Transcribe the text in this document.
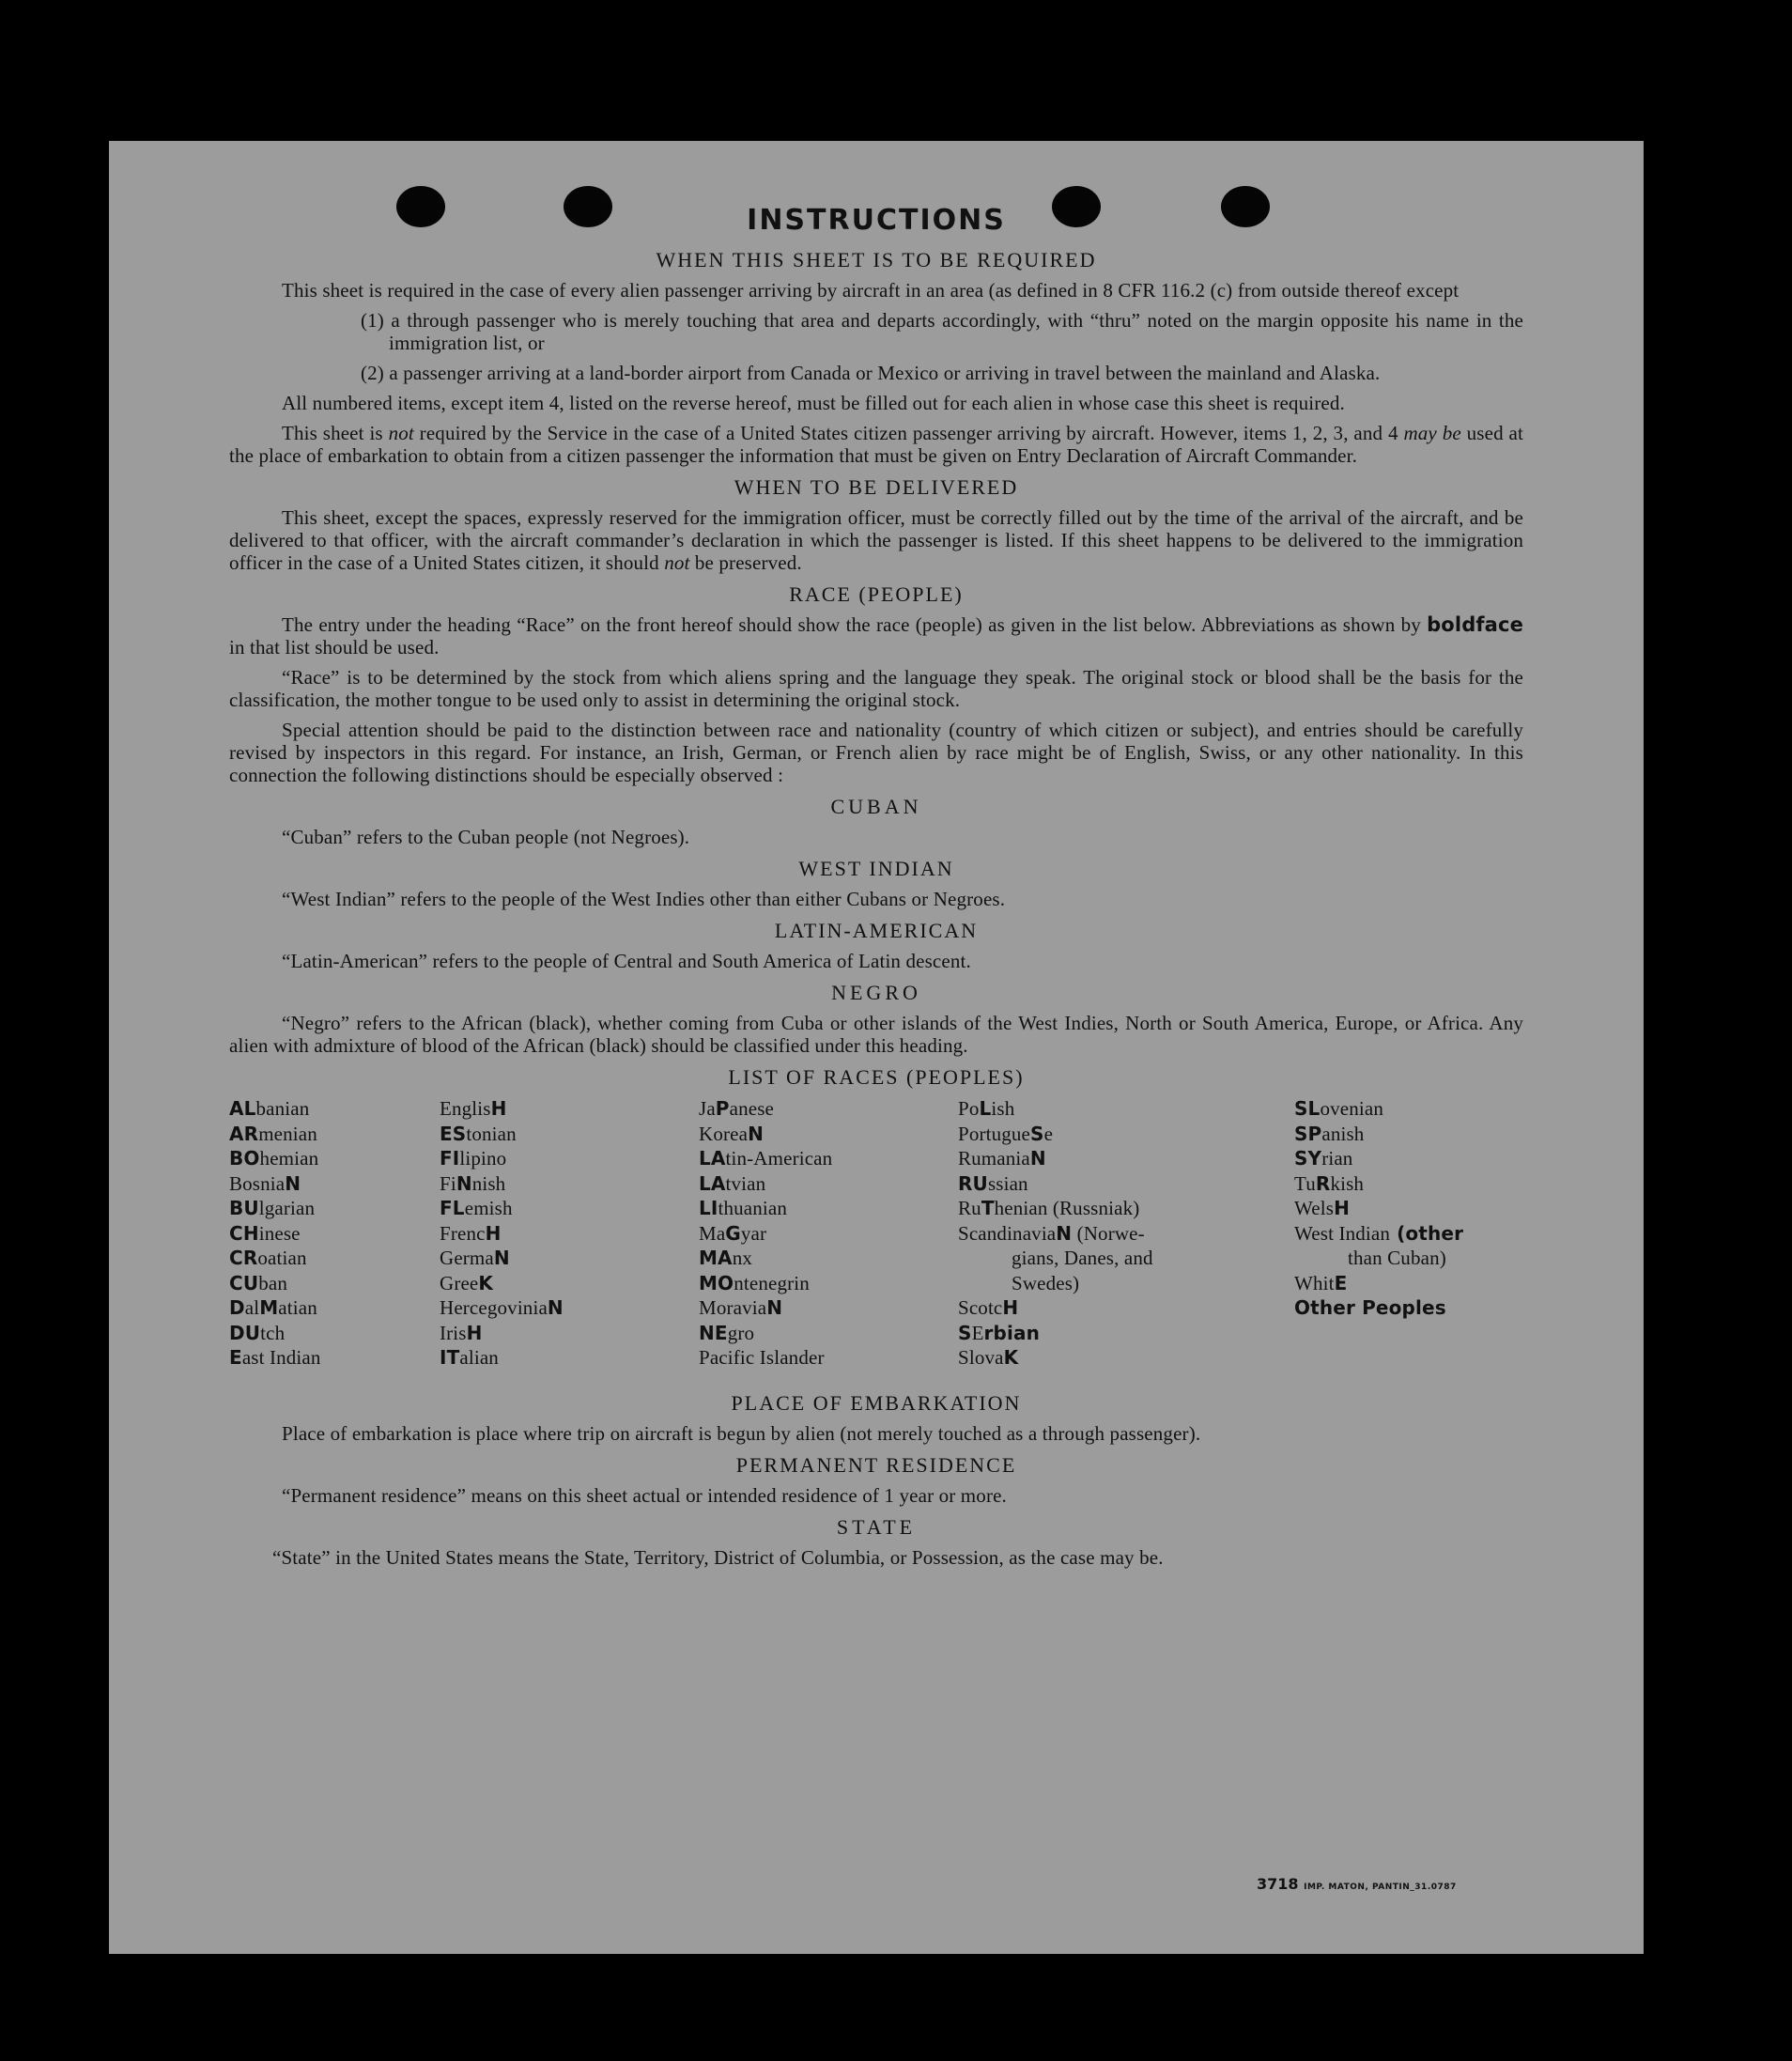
INSTRUCTIONS
WHEN THIS SHEET IS TO BE REQUIRED

This sheet is required in the case of every alien passenger arriving by aircraft in an area (as defined in 8 CFR 116.2 (c) from outside thereof except

(1) a through passenger who is merely touching that area and departs accordingly, with “thru” noted on the margin opposite his name in the immigration list, or
(2) a passenger arriving at a land-border airport from Canada or Mexico or arriving in travel between the mainland and Alaska.

All numbered items, except item 4, listed on the reverse hereof, must be filled out for each alien in whose case this sheet is required.

This sheet is not required by the Service in the case of a United States citizen passenger arriving by aircraft. However, items 1, 2, 3, and 4 may be used at the place of embarkation to obtain from a citizen passenger the information that must be given on Entry Declaration of Aircraft Commander.

WHEN TO BE DELIVERED

This sheet, except the spaces, expressly reserved for the immigration officer, must be correctly filled out by the time of the arrival of the aircraft, and be delivered to that officer, with the aircraft commander’s declaration in which the passenger is listed. If this sheet happens to be delivered to the immigration officer in the case of a United States citizen, it should not be preserved.

RACE (PEOPLE)

The entry under the heading “Race” on the front hereof should show the race (people) as given in the list below. Abbreviations as shown by boldface in that list should be used.

“Race” is to be determined by the stock from which aliens spring and the language they speak. The original stock or blood shall be the basis for the classification, the mother tongue to be used only to assist in determining the original stock.

Special attention should be paid to the distinction between race and nationality (country of which citizen or subject), and entries should be carefully revised by inspectors in this regard. For instance, an Irish, German, or French alien by race might be of English, Swiss, or any other nationality. In this connection the following distinctions should be especially observed :

CUBAN
“Cuban” refers to the Cuban people (not Negroes).
WEST INDIAN
“West Indian” refers to the people of the West Indies other than either Cubans or Negroes.
LATIN-AMERICAN
“Latin-American” refers to the people of Central and South America of Latin descent.
NEGRO

“Negro” refers to the African (black), whether coming from Cuba or other islands of the West Indies, North or South America, Europe, or Africa. Any alien with admixture of blood of the African (black) should be classified under this heading.

LIST OF RACES (PEOPLES)
ALbanian
ARmenian
BOhemian
BosniaN
BUlgarian
CHinese
CRoatian
CUban
DalMatian
DUtch
East Indian
EnglisH
EStonian
FIlipino
FiNnish
FLemish
FrencH
GermaN
GreeK
HercegoviniaN
IrisH
ITalian
JaPanese
KoreaN
LAtin-American
LAtvian
LIthuanian
MaGyar
MAnx
MOntenegrin
MoraviaN
NEgro
Pacific Islander
PoLish
PortugueSe
RumaniaN
RUssian
RuThenian (Russniak)
ScandinaviaN (Norwe-
gians, Danes, and
Swedes)
ScotcH
SErbian
SlovaK
SLovenian
SPanish
SYrian
TuRkish
WelsH
West Indian (other
than Cuban)
WhitE
Other Peoples
PLACE OF EMBARKATION

Place of embarkation is place where trip on aircraft is begun by alien (not merely touched as a through passenger).

PERMANENT RESIDENCE
“Permanent residence” means on this sheet actual or intended residence of 1 year or more.
STATE
“State” in the United States means the State, Territory, District of Columbia, or Possession, as the case may be.
3718 IMP. MATON, PANTIN_31.0787
